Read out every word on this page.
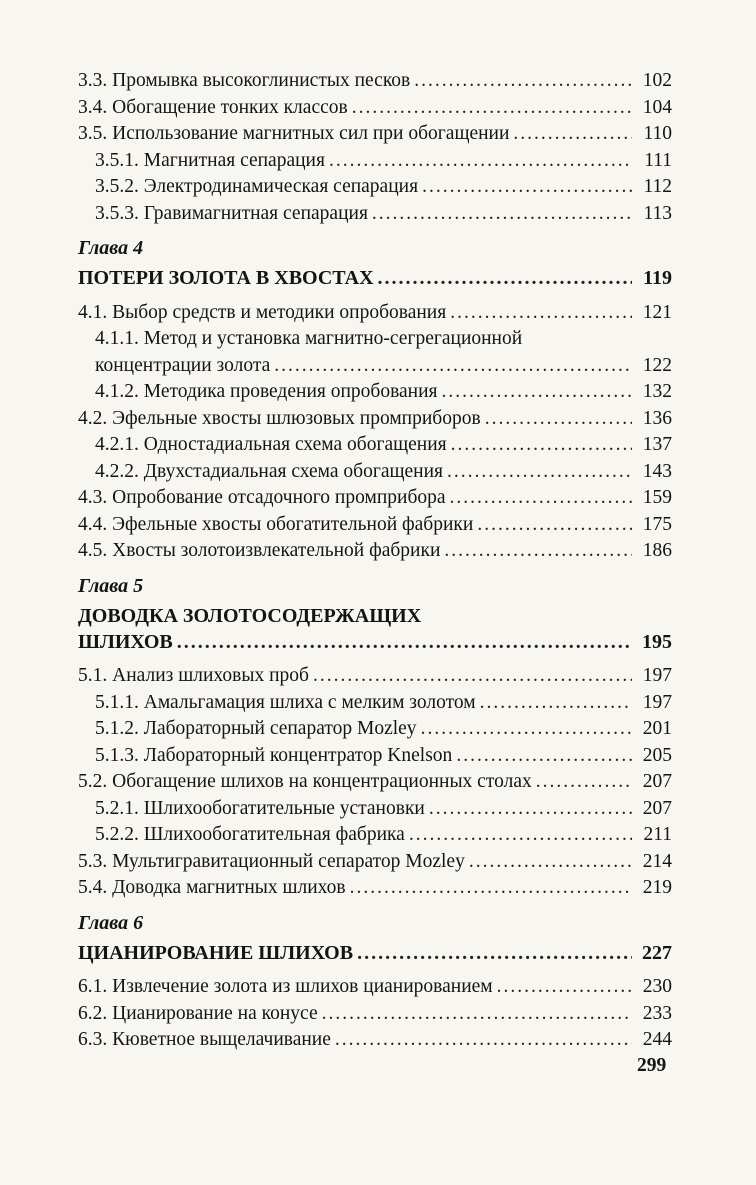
3.3. Промывка высокоглинистых песков .....	102
3.4. Обогащение тонких классов .....	104
3.5. Использование магнитных сил при обогащении .....	110
3.5.1. Магнитная сепарация .....	111
3.5.2. Электродинамическая сепарация .....	112
3.5.3. Гравимагнитная сепарация .....	113
Глава 4
ПОТЕРИ ЗОЛОТА В ХВОСТАХ .....	119
4.1. Выбор средств и методики опробования .....	121
4.1.1. Метод и установка магнитно-сегрегационной
концентрации золота .....	122
4.1.2. Методика проведения опробования .....	132
4.2. Эфельные хвосты шлюзовых промприборов .....	136
4.2.1. Одностадиальная схема обогащения .....	137
4.2.2. Двухстадиальная схема обогащения .....	143
4.3. Опробование отсадочного промприбора .....	159
4.4. Эфельные хвосты обогатительной фабрики .....	175
4.5. Хвосты золотоизвлекательной фабрики .....	186
Глава 5
ДОВОДКА ЗОЛОТОСОДЕРЖАЩИХ
ШЛИХОВ .....	195
5.1. Анализ шлиховых проб .....	197
5.1.1. Амальгамация шлиха с мелким золотом .....	197
5.1.2. Лабораторный сепаратор Mozley .....	201
5.1.3. Лабораторный концентратор Knelson .....	205
5.2. Обогащение шлихов на концентрационных столах .....	207
5.2.1. Шлихообогатительные установки .....	207
5.2.2. Шлихообогатительная фабрика .....	211
5.3. Мультигравитационный сепаратор Mozley .....	214
5.4. Доводка магнитных шлихов .....	219
Глава 6
ЦИАНИРОВАНИЕ ШЛИХОВ .....	227
6.1. Извлечение золота из шлихов цианированием .....	230
6.2. Цианирование на конусе .....	233
6.3. Кюветное выщелачивание .....	244
299
